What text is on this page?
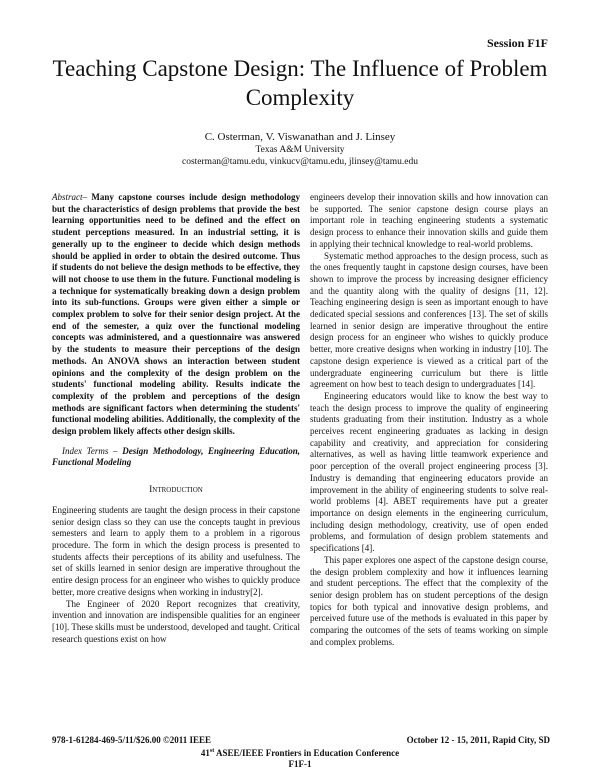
Session F1F
Teaching Capstone Design: The Influence of Problem Complexity
C. Osterman, V. Viswanathan and J. Linsey
Texas A&M University
costerman@tamu.edu, vinkucv@tamu.edu, jlinsey@tamu.edu

Abstract– Many capstone courses include design methodology but the characteristics of design problems that provide the best learning opportunities need to be defined and the effect on student perceptions measured. In an industrial setting, it is generally up to the engineer to decide which design methods should be applied in order to obtain the desired outcome. Thus if students do not believe the design methods to be effective, they will not choose to use them in the future. Functional modeling is a technique for systematically breaking down a design problem into its sub-functions. Groups were given either a simple or complex problem to solve for their senior design project. At the end of the semester, a quiz over the functional modeling concepts was administered, and a questionnaire was answered by the students to measure their perceptions of the design methods. An ANOVA shows an interaction between student opinions and the complexity of the design problem on the students' functional modeling ability. Results indicate the complexity of the problem and perceptions of the design methods are significant factors when determining the students' functional modeling abilities. Additionally, the complexity of the design problem likely affects other design skills.

Index Terms – Design Methodology, Engineering Education, Functional Modeling

Introduction

Engineering students are taught the design process in their capstone senior design class so they can use the concepts taught in previous semesters and learn to apply them to a problem in a rigorous procedure. The form in which the design process is presented to students affects their perceptions of its ability and usefulness. The set of skills learned in senior design are imperative throughout the entire design process for an engineer who wishes to quickly produce better, more creative designs when working in industry[2].

The Engineer of 2020 Report recognizes that creativity, invention and innovation are indispensible qualities for an engineer [10]. These skills must be understood, developed and taught. Critical research questions exist on how

engineers develop their innovation skills and how innovation can be supported. The senior capstone design course plays an important role in teaching engineering students a systematic design process to enhance their innovation skills and guide them in applying their technical knowledge to real-world problems.

Systematic method approaches to the design process, such as the ones frequently taught in capstone design courses, have been shown to improve the process by increasing designer efficiency and the quantity along with the quality of designs [11, 12]. Teaching engineering design is seen as important enough to have dedicated special sessions and conferences [13]. The set of skills learned in senior design are imperative throughout the entire design process for an engineer who wishes to quickly produce better, more creative designs when working in industry [10]. The capstone design experience is viewed as a critical part of the undergraduate engineering curriculum but there is little agreement on how best to teach design to undergraduates [14].

Engineering educators would like to know the best way to teach the design process to improve the quality of engineering students graduating from their institution. Industry as a whole perceives recent engineering graduates as lacking in design capability and creativity, and appreciation for considering alternatives, as well as having little teamwork experience and poor perception of the overall project engineering process [3]. Industry is demanding that engineering educators provide an improvement in the ability of engineering students to solve real-world problems [4]. ABET requirements have put a greater importance on design elements in the engineering curriculum, including design methodology, creativity, use of open ended problems, and formulation of design problem statements and specifications [4].

This paper explores one aspect of the capstone design course, the design problem complexity and how it influences learning and student perceptions. The effect that the complexity of the senior design problem has on student perceptions of the design topics for both typical and innovative design problems, and perceived future use of the methods is evaluated in this paper by comparing the outcomes of the sets of teams working on simple and complex problems.

978-1-61284-469-5/11/$26.00 ©2011 IEEE	October 12 - 15, 2011, Rapid City, SD
41st ASEE/IEEE Frontiers in Education Conference
F1F-1
